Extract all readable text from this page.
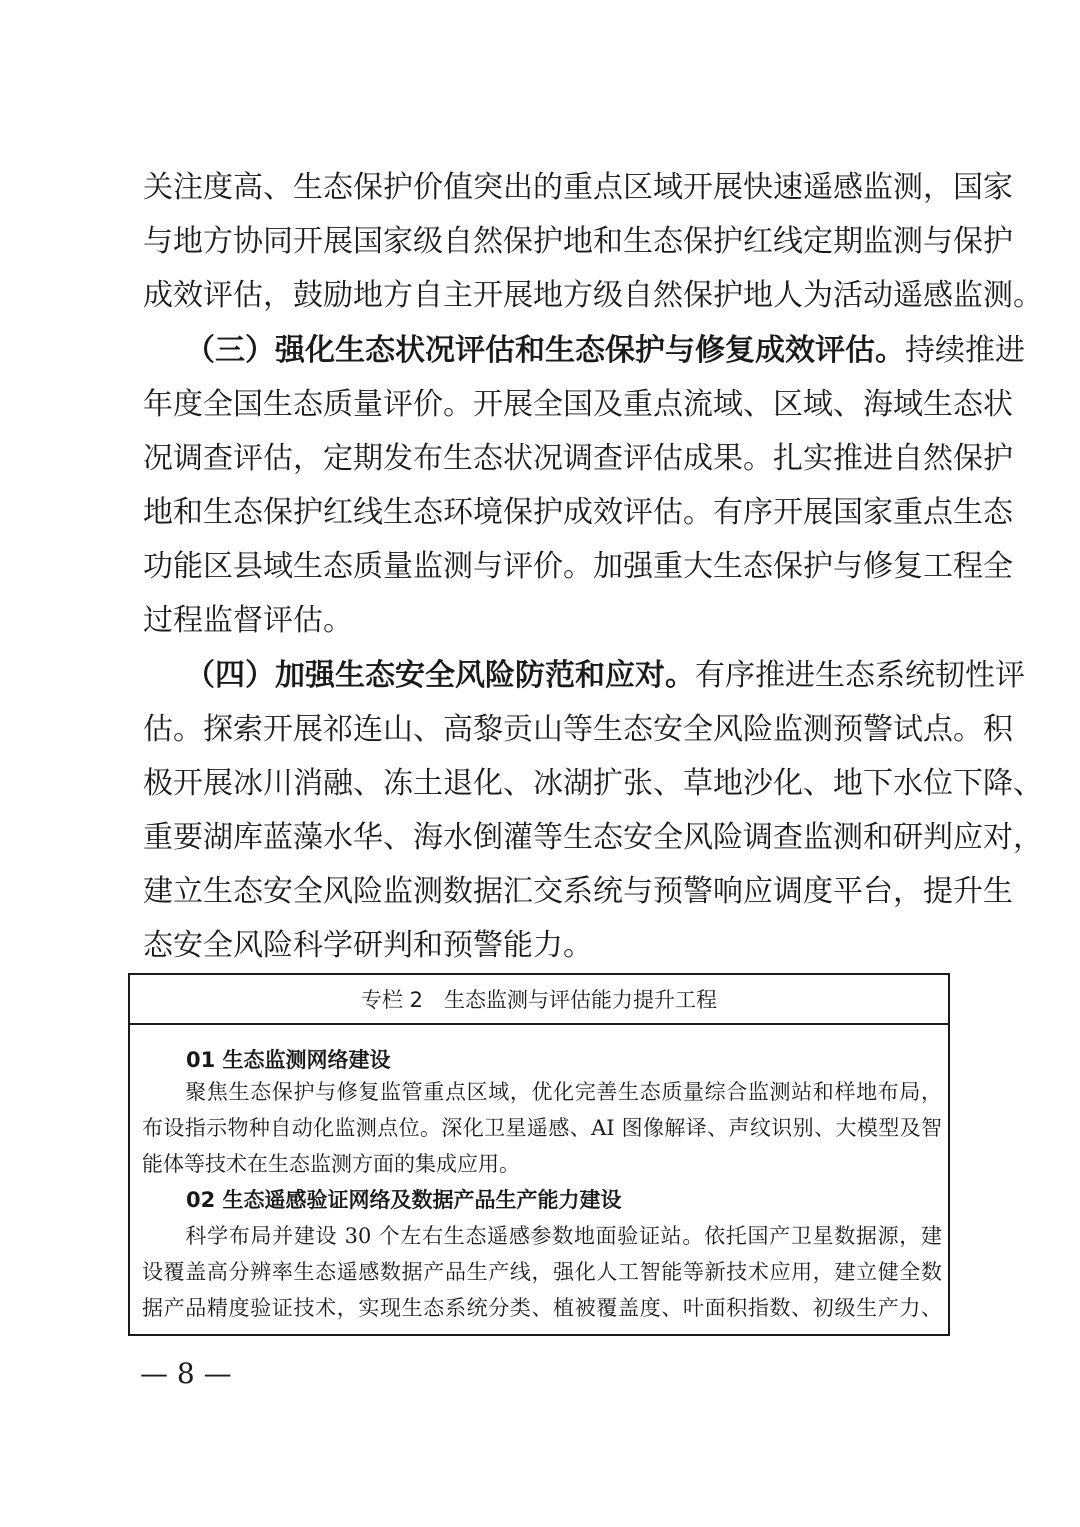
关注度高、生态保护价值突出的重点区域开展快速遥感监测，国家
与地方协同开展国家级自然保护地和生态保护红线定期监测与保护
成效评估，鼓励地方自主开展地方级自然保护地人为活动遥感监测。
（三）强化生态状况评估和生态保护与修复成效评估。持续推进
年度全国生态质量评价。开展全国及重点流域、区域、海域生态状
况调查评估，定期发布生态状况调查评估成果。扎实推进自然保护
地和生态保护红线生态环境保护成效评估。有序开展国家重点生态
功能区县域生态质量监测与评价。加强重大生态保护与修复工程全
过程监督评估。
（四）加强生态安全风险防范和应对。有序推进生态系统韧性评
估。探索开展祁连山、高黎贡山等生态安全风险监测预警试点。积
极开展冰川消融、冻土退化、冰湖扩张、草地沙化、地下水位下降、
重要湖库蓝藻水华、海水倒灌等生态安全风险调查监测和研判应对，
建立生态安全风险监测数据汇交系统与预警响应调度平台，提升生
态安全风险科学研判和预警能力。
专栏 2　生态监测与评估能力提升工程
01 生态监测网络建设
　　聚焦生态保护与修复监管重点区域，优化完善生态质量综合监测站和样地布局，
布设指示物种自动化监测点位。深化卫星遥感、AI 图像解译、声纹识别、大模型及智
能体等技术在生态监测方面的集成应用。
02 生态遥感验证网络及数据产品生产能力建设
　　科学布局并建设 30 个左右生态遥感参数地面验证站。依托国产卫星数据源，建
设覆盖高分辨率生态遥感数据产品生产线，强化人工智能等新技术应用，建立健全数
据产品精度验证技术，实现生态系统分类、植被覆盖度、叶面积指数、初级生产力、
— 8 —
